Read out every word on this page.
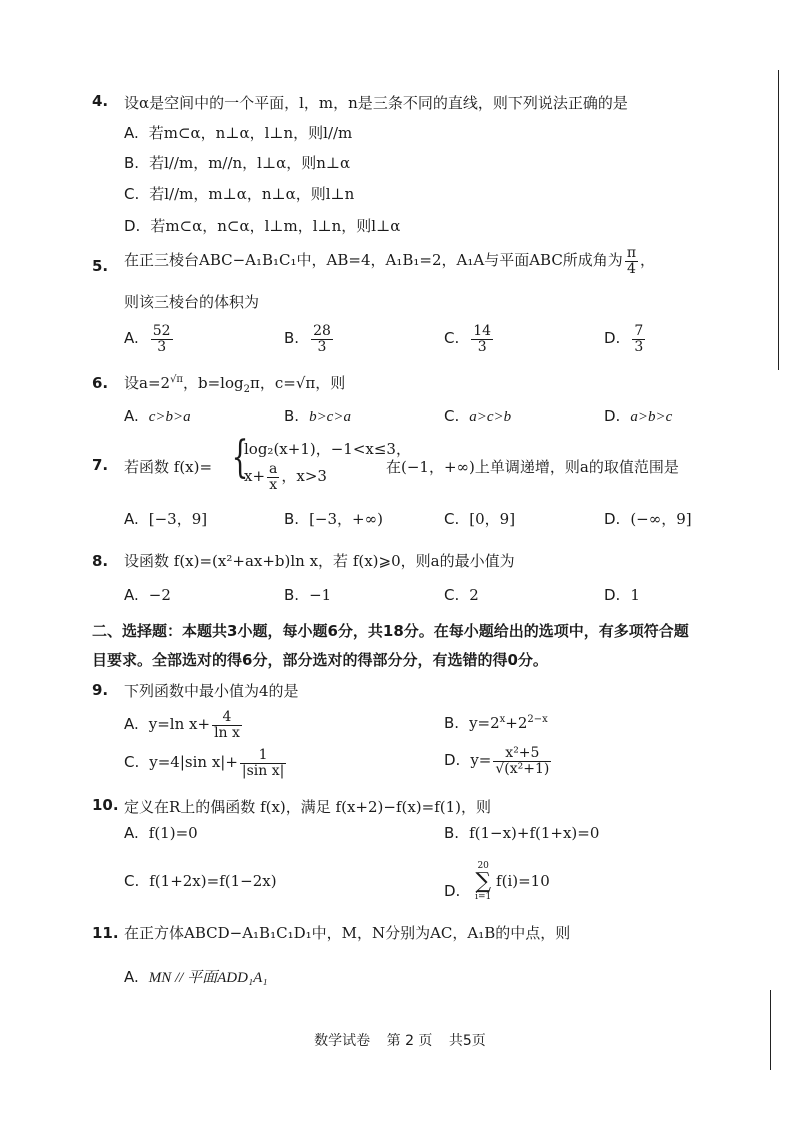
4. 设α是空间中的一个平面，l，m，n是三条不同的直线，则下列说法正确的是
A. 若m⊂α，n⊥α，l⊥n，则l//m
B. 若l//m，m//n，l⊥α，则n⊥α
C. 若l//m，m⊥α，n⊥α，则l⊥n
D. 若m⊂α，n⊂α，l⊥m，l⊥n，则l⊥α
5. 在正三棱台ABC−A₁B₁C₁中，AB=4，A₁B₁=2，A₁A与平面ABC所成角为 $\frac{\pi}{4}$ ，
则该三棱台的体积为
A. $\frac{52}{3}$	B. $\frac{28}{3}$	C. $\frac{14}{3}$	D. $\frac{7}{3}$
6. 设$a=2^{√\pi}$，$b=\log_2\pi$，c=√π，则
A. c>b>a	B. b>c>a	C. a>c>b	D. a>b>c
7. 若函数 f(x)= {
log₂(x+1)，−1<x≤3，
$x+ \frac{a}{x}$ ，x>3
在(−1，+∞)上单调递增，则a的取值范围是
A. [−3，9]	B. [−3，+∞)	C. [0，9]	D. (−∞，9]
8. 设函数 f(x)=(x²+ax+b)ln x，若 f(x)⩾0，则a的最小值为
A. −2	B. −1	C. 2	D. 1
二、选择题：本题共3小题，每小题6分，共18分。在每小题给出的选项中，有多项符合题
目要求。全部选对的得6分，部分选对的得部分分，有选错的得0分。
9. 下列函数中最小值为4的是
A. y=ln $x+ \frac{4}{\text{ln x}}$	B. $y=2^x+2^{2-x}$
C. y=4|sin $x|+ \frac{1}{\text{|sin x|}}$	D. $y= \frac{\text{x²+5}}{\text{√(x²+1)}}$
10. 定义在R上的偶函数 f(x)，满足 f(x+2)−f(x)=f(1)，则
A. f(1)=0	B. f(1−x)+f(1+x)=0
C. f(1+2x)=f(1−2x)
D.
20
∑
i=1
f(i)=10
11. 在正方体ABCD−A₁B₁C₁D₁中，M，N分别为AC，A₁B的中点，则
A. MN // 平面ADD₁A₁
数学试卷 第 2 页 共5页
